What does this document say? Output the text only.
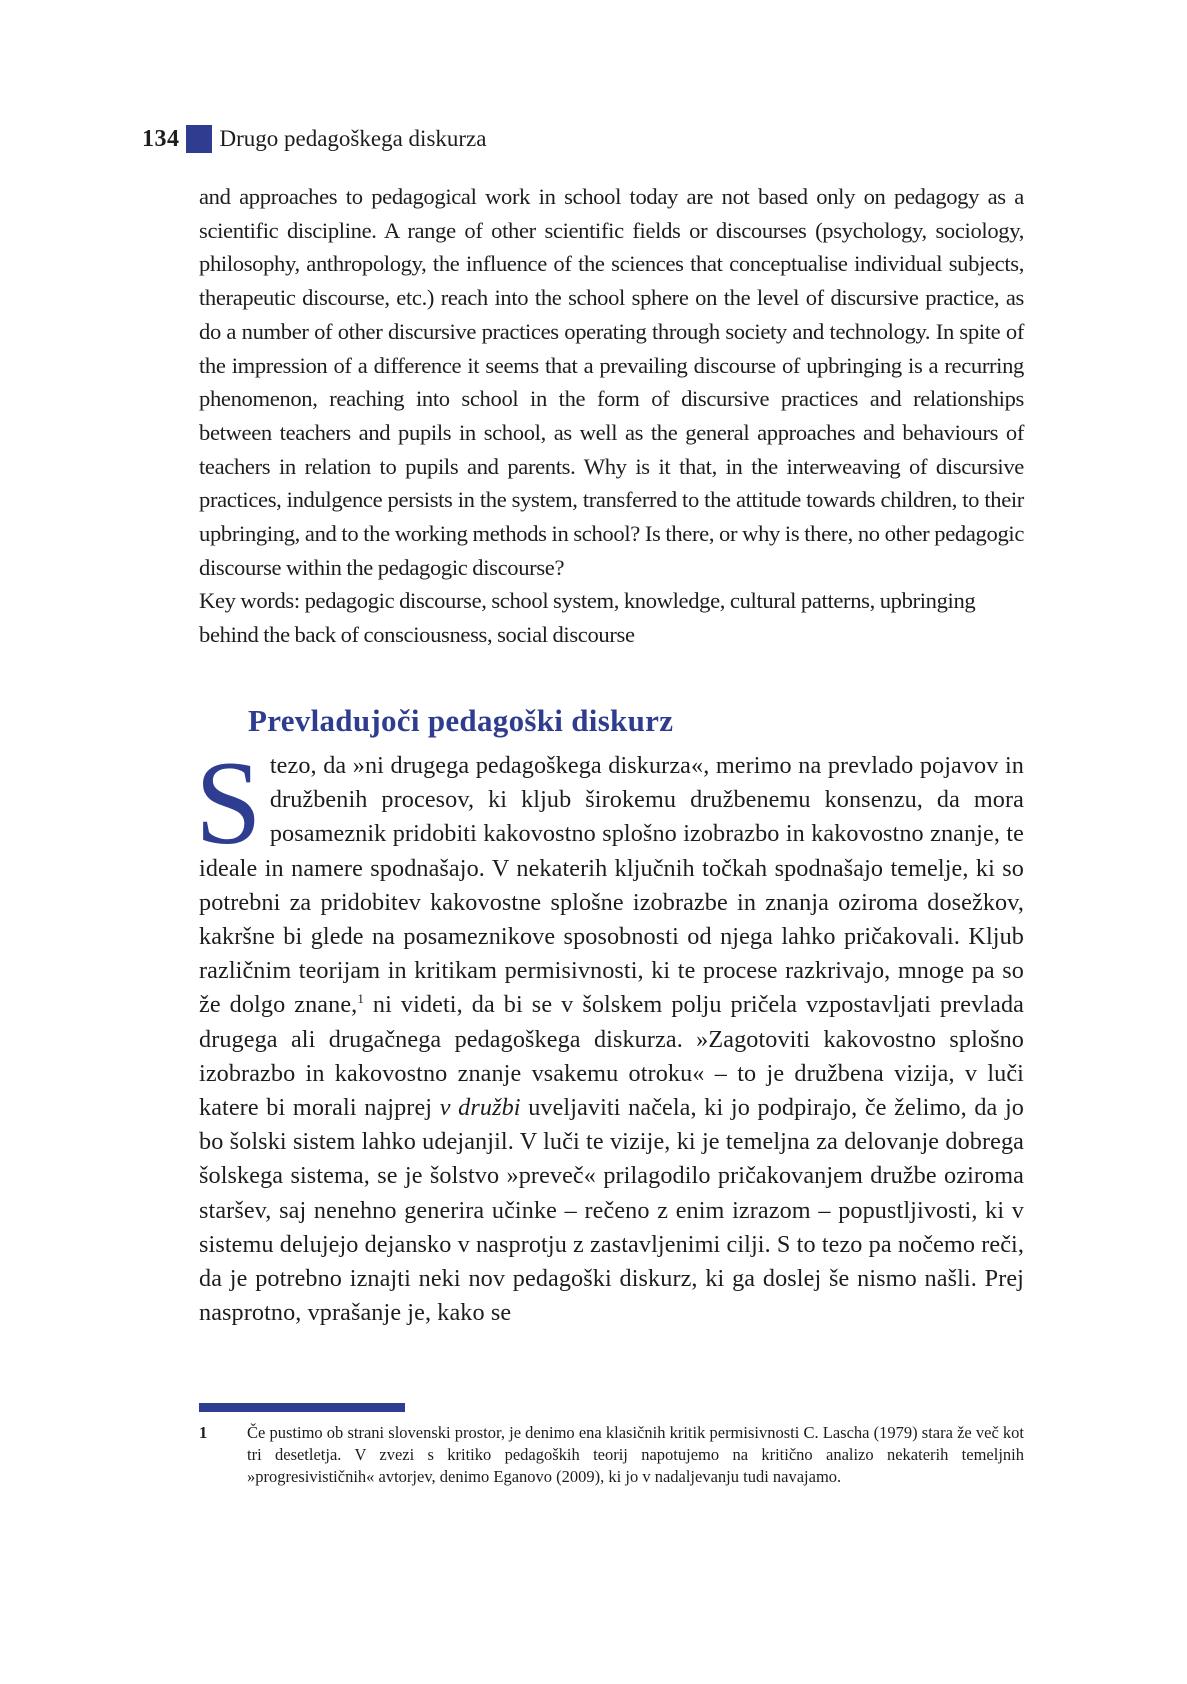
134 Drugo pedagoškega diskurza

and approaches to pedagogical work in school today are not based only on pedagogy as a scientific discipline. A range of other scientific fields or discourses (psychology, sociology, philosophy, anthropology, the influence of the sciences that conceptualise individual subjects, therapeutic discourse, etc.) reach into the school sphere on the level of discursive practice, as do a number of other discursive practices operating through society and technology. In spite of the impression of a difference it seems that a prevailing discourse of upbringing is a recurring phenomenon, reaching into school in the form of discursive practices and relationships between teachers and pupils in school, as well as the general approaches and behaviours of teachers in relation to pupils and parents. Why is it that, in the interweaving of discursive practices, indulgence persists in the system, transferred to the attitude towards children, to their upbringing, and to the working methods in school? Is there, or why is there, no other pedagogic discourse within the pedagogic discourse?

Key words: pedagogic discourse, school system, knowledge, cultural patterns, upbringing behind the back of consciousness, social discourse

Prevladujoči pedagoški diskurz

Stezo, da »ni drugega pedagoškega diskurza«, merimo na prevlado pojavov in družbenih procesov, ki kljub širokemu družbenemu konsenzu, da mora posameznik pridobiti kakovostno splošno izobrazbo in kakovostno znanje, te ideale in namere spodnašajo. V nekaterih ključnih točkah spodnašajo temelje, ki so potrebni za pridobitev kakovostne splošne izobrazbe in znanja oziroma dosežkov, kakršne bi glede na posameznikove sposobnosti od njega lahko pričakovali. Kljub različnim teorijam in kritikam permisivnosti, ki te procese razkrivajo, mnoge pa so že dolgo znane,$^1$ ni videti, da bi se v šolskem polju pričela vzpostavljati prevlada drugega ali drugačnega pedagoškega diskurza. »Zagotoviti kakovostno splošno izobrazbo in kakovostno znanje vsakemu otroku« – to je družbena vizija, v luči katere bi morali najprej v družbi uveljaviti načela, ki jo podpirajo, če želimo, da jo bo šolski sistem lahko udejanjil. V luči te vizije, ki je temeljna za delovanje dobrega šolskega sistema, se je šolstvo »preveč« prilagodilo pričakovanjem družbe oziroma staršev, saj nenehno generira učinke – rečeno z enim izrazom – popustljivosti, ki v sistemu delujejo dejansko v nasprotju z zastavljenimi cilji. S to tezo pa nočemo reči, da je potrebno iznajti neki nov pedagoški diskurz, ki ga doslej še nismo našli. Prej nasprotno, vprašanje je, kako se

1	Če pustimo ob strani slovenski prostor, je denimo ena klasičnih kritik permisivnosti C. Lascha (1979) stara že več kot tri desetletja. V zvezi s kritiko pedagoških teorij napotujemo na kritično analizo nekaterih temeljnih »progresivističnih« avtorjev, denimo Eganovo (2009), ki jo v nadaljevanju tudi navajamo.
